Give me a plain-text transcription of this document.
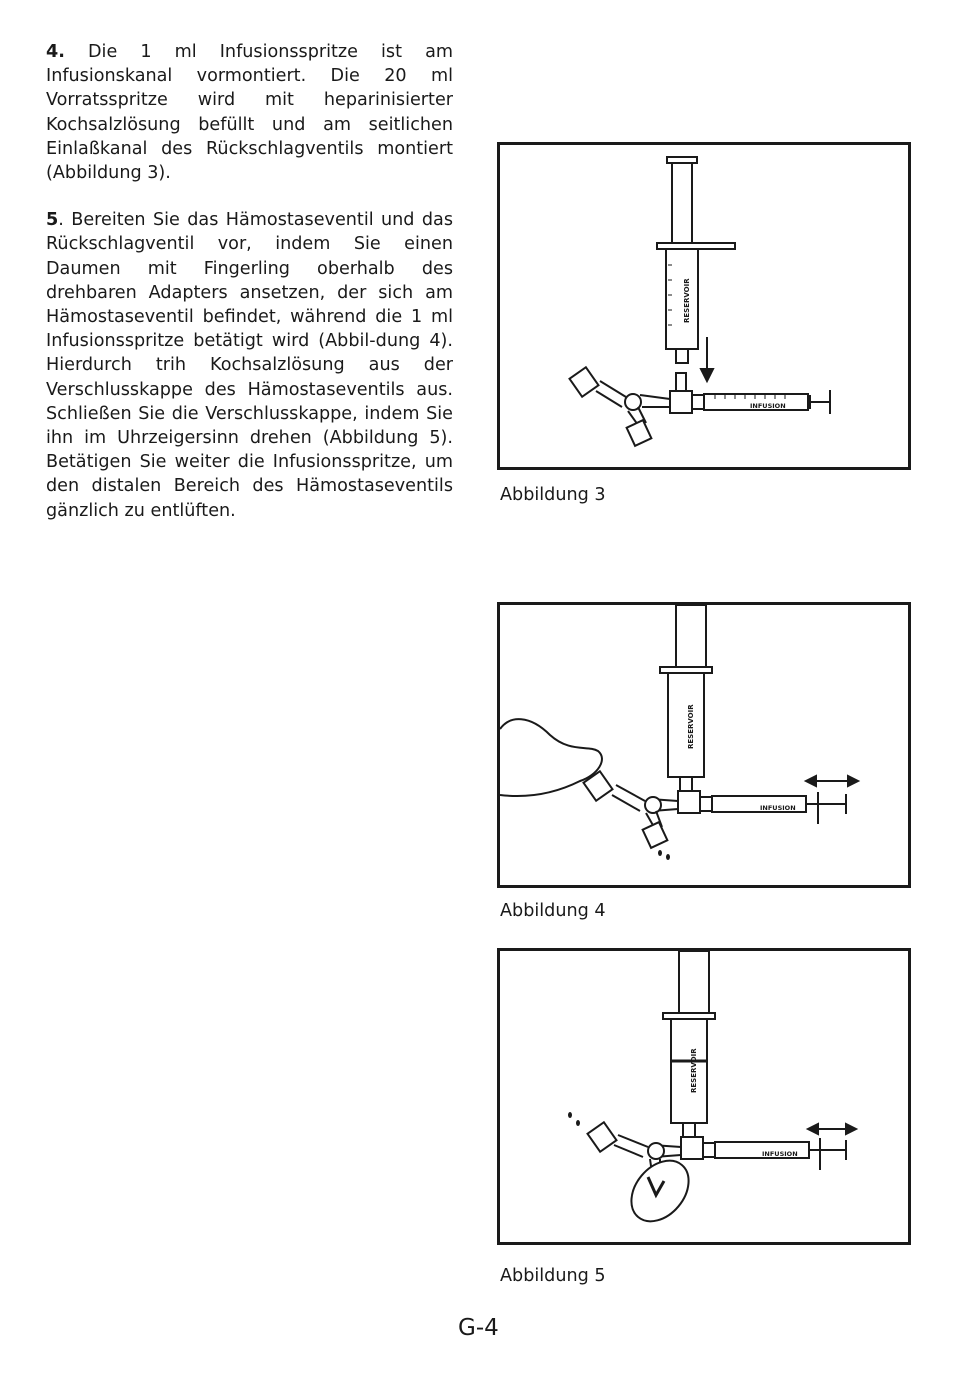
4. Die 1 ml Infusionsspritze ist am Infusionskanal vormontiert. Die 20 ml Vorratsspritze wird mit heparinisierter Kochsalzlösung befüllt und am seitlichen Einlaßkanal des Rückschlagventils montiert (Abbildung 3).

5. Bereiten Sie das Hämostaseventil und das Rückschlagventil vor, indem Sie einen Daumen mit Fingerling oberhalb des drehbaren Adapters ansetzen, der sich am Hämostaseventil befindet, während die 1 ml Infusionsspritze betätigt wird (Abbil-dung 4). Hierdurch trih Kochsalzlösung aus der Verschlusskappe des Hämostaseventils aus. Schließen Sie die Verschlusskappe, indem Sie ihn im Uhrzeigersinn drehen (Abbildung 5). Betätigen Sie weiter die Infusionsspritze, um den distalen Bereich des Hämostaseventils gänzlich zu entlüften.

RESERVOIR
INFUSION
Abbildung 3
RESERVOIR
INFUSION
Abbildung 4
RESERVOIR
INFUSION
Abbildung 5
G-4
